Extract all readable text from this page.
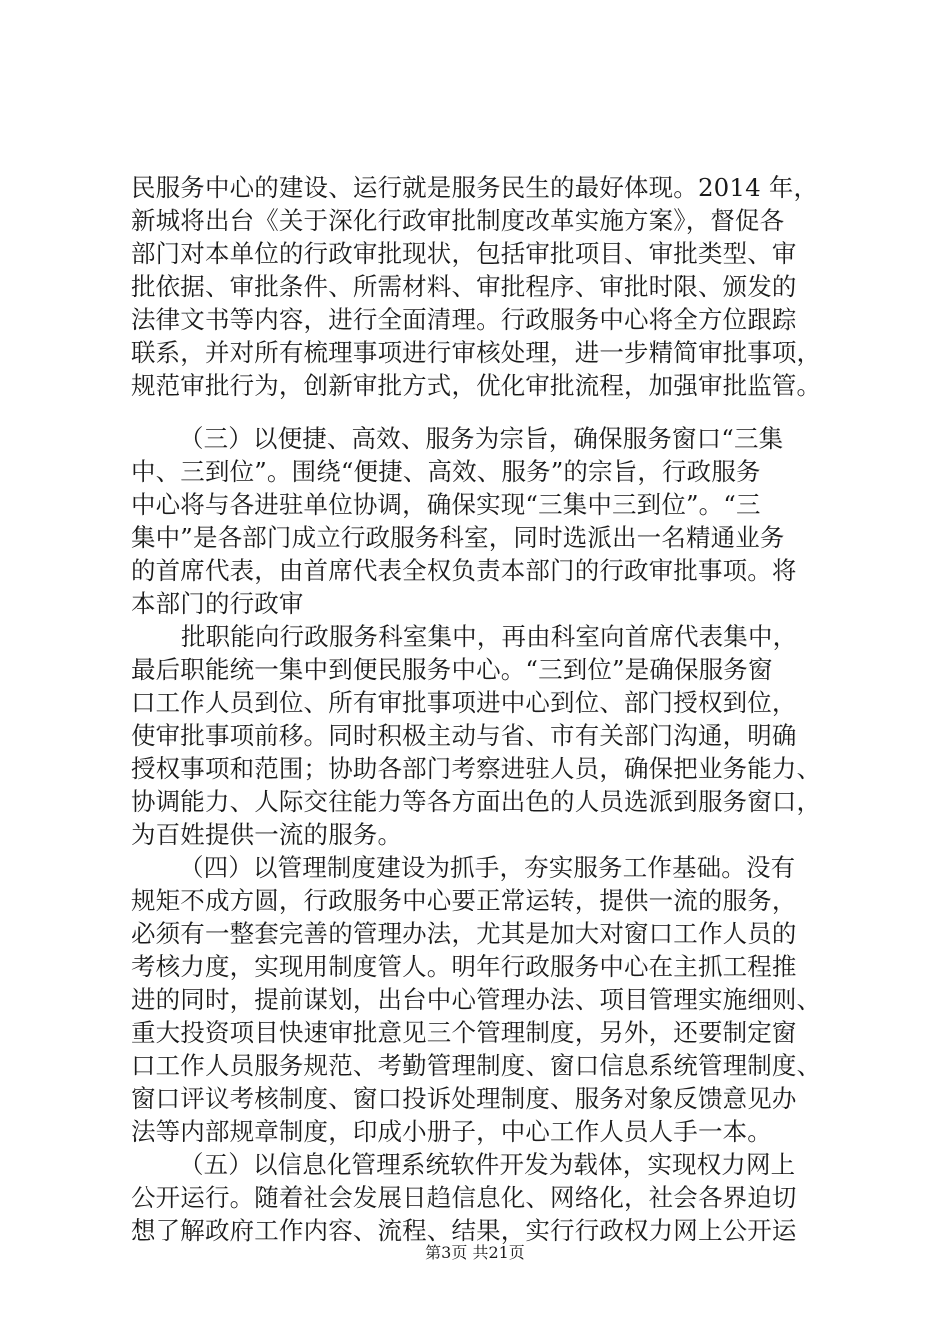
民服务中心的建设、运行就是服务民生的最好体现。2014 年，
新城将出台《关于深化行政审批制度改革实施方案》，督促各
部门对本单位的行政审批现状，包括审批项目、审批类型、审
批依据、审批条件、所需材料、审批程序、审批时限、颁发的
法律文书等内容，进行全面清理。行政服务中心将全方位跟踪
联系，并对所有梳理事项进行审核处理，进一步精简审批事项，
规范审批行为，创新审批方式，优化审批流程，加强审批监管。
（三）以便捷、高效、服务为宗旨，确保服务窗口“三集
中、三到位”。围绕“便捷、高效、服务”的宗旨，行政服务
中心将与各进驻单位协调，确保实现“三集中三到位”。“三
集中”是各部门成立行政服务科室，同时选派出一名精通业务
的首席代表，由首席代表全权负责本部门的行政审批事项。将
本部门的行政审
批职能向行政服务科室集中，再由科室向首席代表集中，
最后职能统一集中到便民服务中心。“三到位”是确保服务窗
口工作人员到位、所有审批事项进中心到位、部门授权到位，
使审批事项前移。同时积极主动与省、市有关部门沟通，明确
授权事项和范围；协助各部门考察进驻人员，确保把业务能力、
协调能力、人际交往能力等各方面出色的人员选派到服务窗口，
为百姓提供一流的服务。
（四）以管理制度建设为抓手，夯实服务工作基础。没有
规矩不成方圆，行政服务中心要正常运转，提供一流的服务，
必须有一整套完善的管理办法，尤其是加大对窗口工作人员的
考核力度，实现用制度管人。明年行政服务中心在主抓工程推
进的同时，提前谋划，出台中心管理办法、项目管理实施细则、
重大投资项目快速审批意见三个管理制度，另外，还要制定窗
口工作人员服务规范、考勤管理制度、窗口信息系统管理制度、
窗口评议考核制度、窗口投诉处理制度、服务对象反馈意见办
法等内部规章制度，印成小册子，中心工作人员人手一本。
（五）以信息化管理系统软件开发为载体，实现权力网上
公开运行。随着社会发展日趋信息化、网络化，社会各界迫切
想了解政府工作内容、流程、结果，实行行政权力网上公开运
第3页 共21页
